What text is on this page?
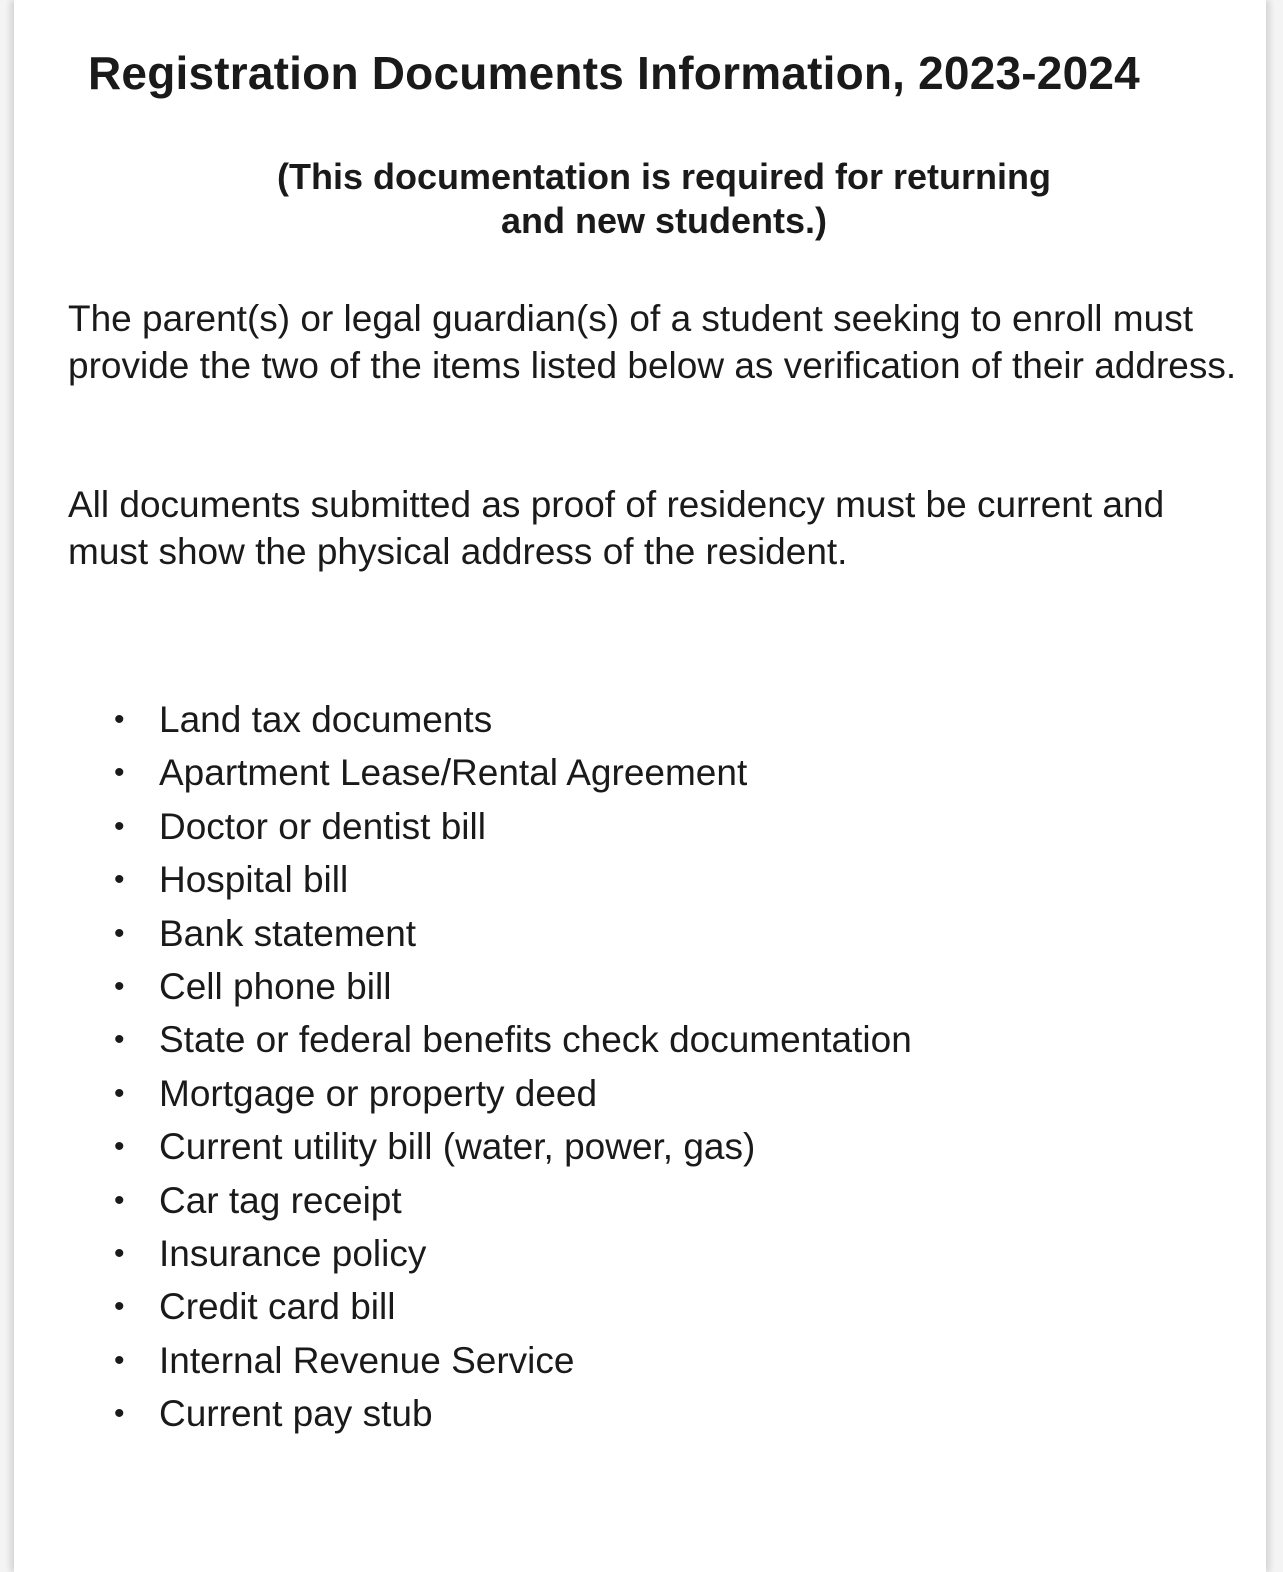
Registration Documents Information, 2023-2024
(This documentation is required for returning
and new students.)

The parent(s) or legal guardian(s) of a student seeking to enroll must provide the two of the items listed below as verification of their address.

All documents submitted as proof of residency must be current and must show the physical address of the resident.

• Land tax documents
• Apartment Lease/Rental Agreement
• Doctor or dentist bill
• Hospital bill
• Bank statement
• Cell phone bill
• State or federal benefits check documentation
• Mortgage or property deed
• Current utility bill (water, power, gas)
• Car tag receipt
• Insurance policy
• Credit card bill
• Internal Revenue Service
• Current pay stub
